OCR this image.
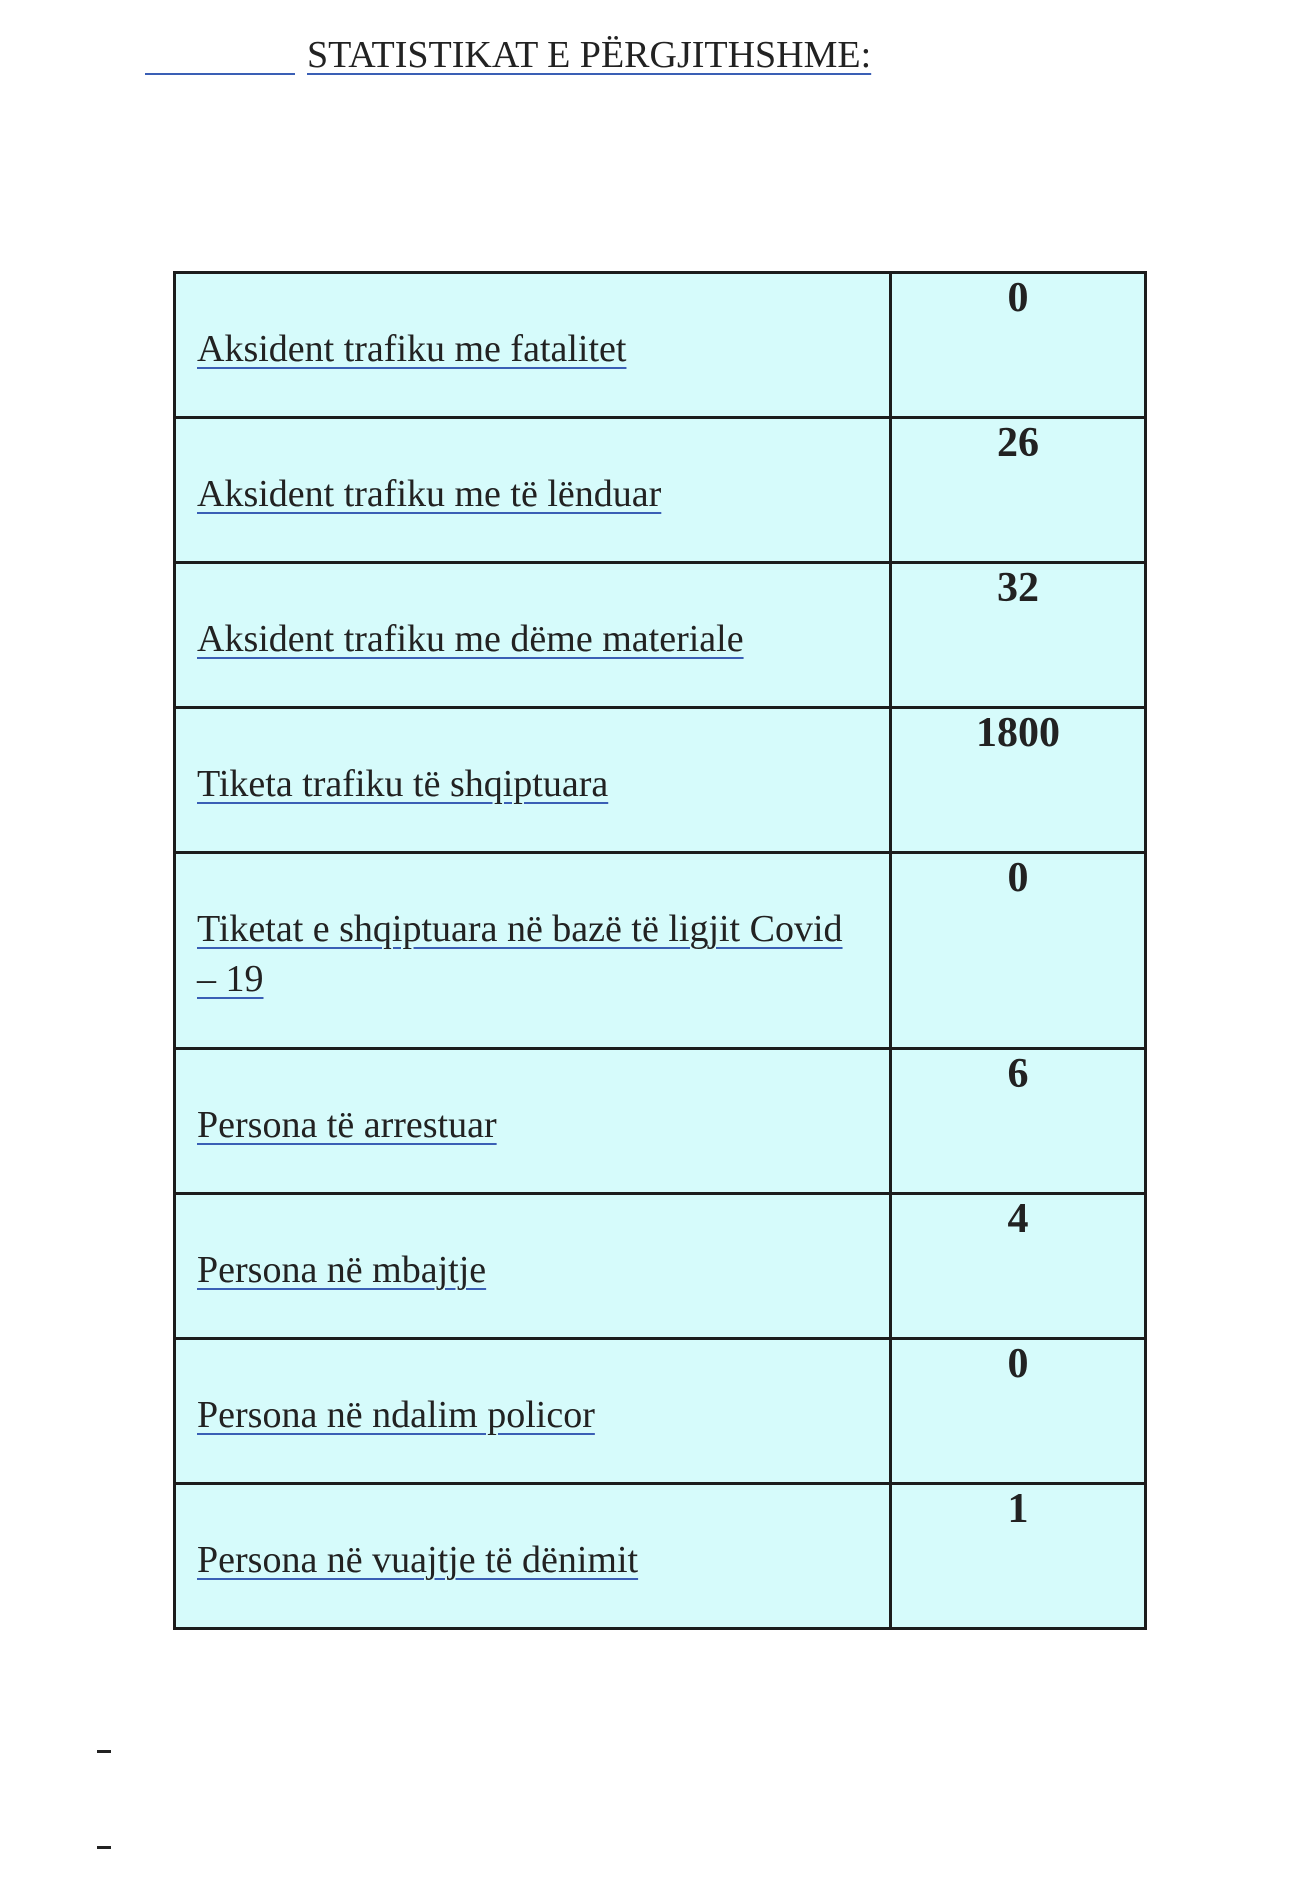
STATISTIKAT E PËRGJITHSHME:
Aksident trafiku me fatalitet	0

Aksident trafiku me të lënduar	26

Aksident trafiku me dëme materiale	32

Tiketa trafiku të shqiptuara	1800

Tiketat e shqiptuara në bazë të ligjit Covid – 19	0

Persona të arrestuar	6

Persona në mbajtje	4

Persona në ndalim policor	0

Persona në vuajtje të dënimit	1
